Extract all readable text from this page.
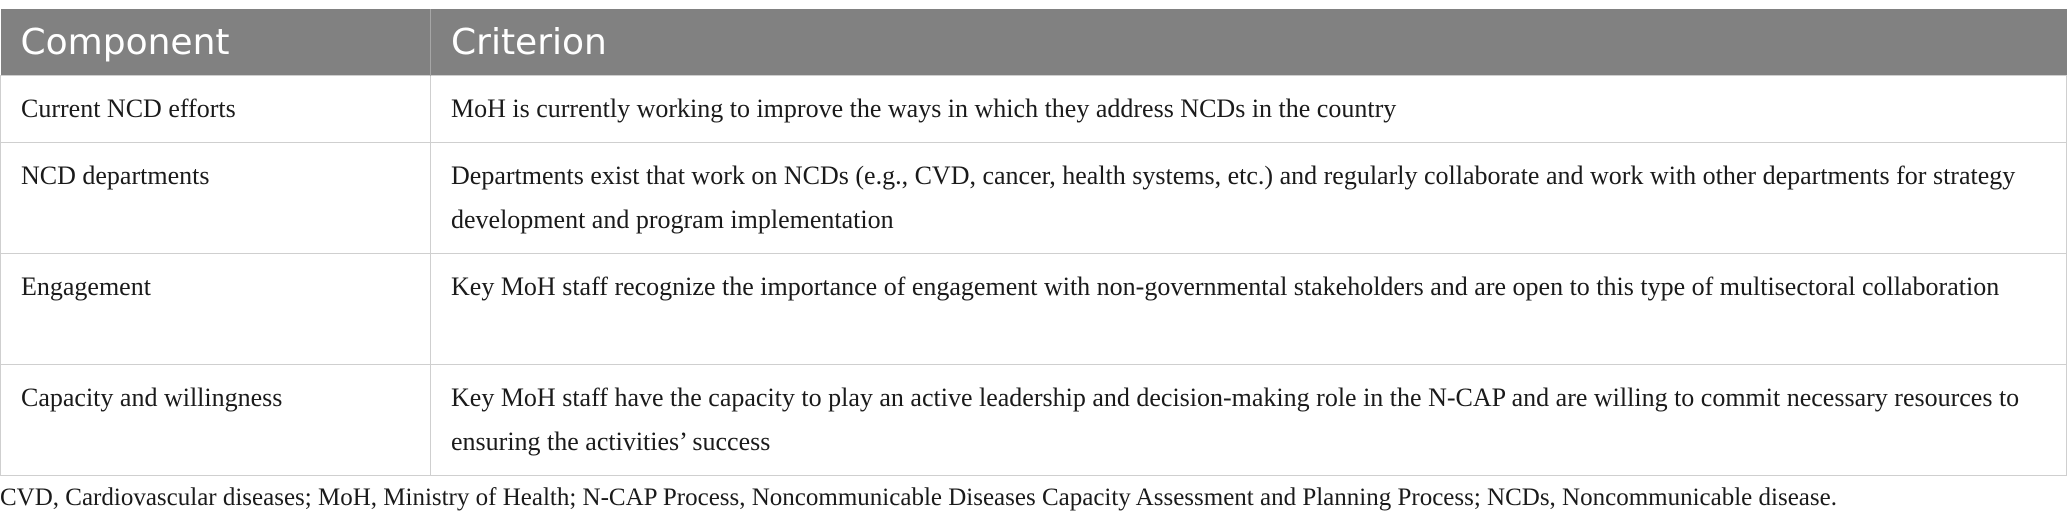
Component	Criterion
Current NCD efforts	MoH is currently working to improve the ways in which they address NCDs in the country
NCD departments	Departments exist that work on NCDs (e.g., CVD, cancer, health systems, etc.) and regularly collaborate and work with other departments for strategy development and program implementation
Engagement	Key MoH staff recognize the importance of engagement with non-governmental stakeholders and are open to this type of multisectoral collaboration
Capacity and willingness	Key MoH staff have the capacity to play an active leadership and decision-making role in the N-CAP and are willing to commit necessary resources to ensuring the activities’ success
CVD, Cardiovascular diseases; MoH, Ministry of Health; N-CAP Process, Noncommunicable Diseases Capacity Assessment and Planning Process; NCDs, Noncommunicable disease.
